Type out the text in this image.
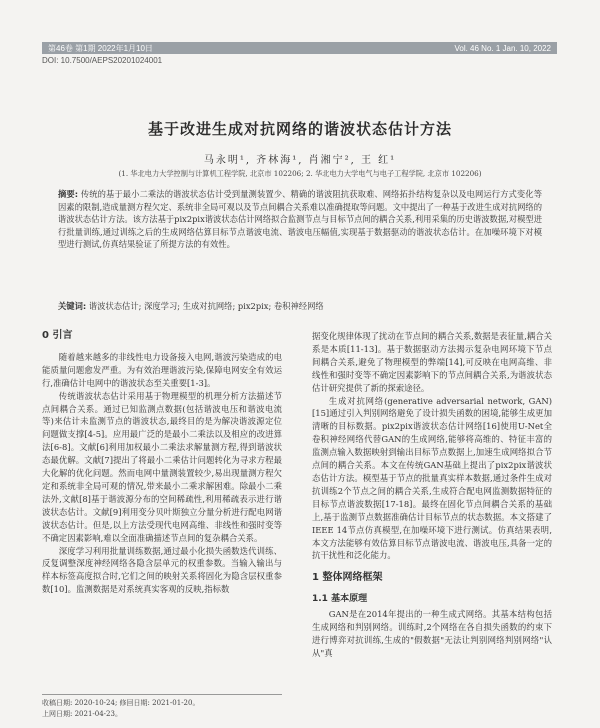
第46卷 第1期 2022年1月10日	Vol. 46 No. 1 Jan. 10, 2022
DOI: 10.7500/AEPS20201024001
基于改进生成对抗网络的谐波状态估计方法
马永明¹, 齐林海¹, 肖湘宁², 王 红¹
(1. 华北电力大学控制与计算机工程学院, 北京市 102206; 2. 华北电力大学电气与电子工程学院, 北京市 102206)
摘要: 传统的基于最小二乘法的谐波状态估计受到量测装置少、精确的谐波阻抗获取难、网络拓扑结构复杂以及电网运行方式变化等因素的限制,造成量测方程欠定、系统非全局可观以及节点间耦合关系难以准确提取等问题。文中提出了一种基于改进生成对抗网络的谐波状态估计方法。该方法基于pix2pix谐波状态估计网络拟合监测节点与目标节点间的耦合关系,利用采集的历史谐波数据,对模型进行批量训练,通过训练之后的生成网络估算目标节点谐波电流、谐波电压幅值,实现基于数据驱动的谐波状态估计。在加噪环境下对模型进行测试,仿真结果验证了所提方法的有效性。
关键词: 谐波状态估计; 深度学习; 生成对抗网络; pix2pix; 卷积神经网络
0 引言

随着越来越多的非线性电力设备接入电网,谐波污染造成的电能质量问题愈发严重。为有效治理谐波污染,保障电网安全有效运行,准确估计电网中的谐波状态至关重要[1-3]。

传统谐波状态估计采用基于物理模型的机理分析方法描述节点间耦合关系。通过已知监测点数据(包括谐波电压和谐波电流等)来估计未监测节点的谐波状态,最终目的是为解决谐波源定位问题做支撑[4-5]。应用最广泛的是最小二乘法以及相应的改进算法[6-8]。文献[6]利用加权最小二乘法求解量测方程,得到谐波状态最优解。文献[7]提出了将最小二乘估计问题转化为寻求方程最大化解的优化问题。然而电网中量测装置较少,易出现量测方程欠定和系统非全局可观的情况,带来最小二乘求解困难。除最小二乘法外,文献[8]基于谐波源分布的空间稀疏性,利用稀疏表示进行谐波状态估计。文献[9]利用变分贝叶斯独立分量分析进行配电网谐波状态估计。但是,以上方法受现代电网高维、非线性和强时变等不确定因素影响,难以全面准确描述节点间的复杂耦合关系。

深度学习利用批量训练数据,通过最小化损失函数迭代训练、反复调整深度神经网络各隐含层单元的权重参数。当输入输出与样本标签高度拟合时,它们之间的映射关系将固化为隐含层权重参数[10]。监测数据是对系统真实客观的反映,指标数

据变化规律体现了扰动在节点间的耦合关系,数据是表征量,耦合关系是本质[11-13]。基于数据驱动方法揭示复杂电网环境下节点间耦合关系,避免了物理模型的弊端[14],可反映在电网高维、非线性和强时变等不确定因素影响下的节点间耦合关系,为谐波状态估计研究提供了新的探索途径。

生成对抗网络(generative adversarial network, GAN)[15]通过引入判别网络避免了设计损失函数的困境,能够生成更加清晰的目标数据。pix2pix谐波状态估计网络[16]使用U-Net全卷积神经网络代替GAN的生成网络,能够将高维的、特征丰富的监测点输入数据映射到输出目标节点数据上,加速生成网络拟合节点间的耦合关系。本文在传统GAN基础上提出了pix2pix谐波状态估计方法。模型基于节点的批量真实样本数据,通过条件生成对抗训练2个节点之间的耦合关系,生成符合配电网监测数据特征的目标节点谐波数据[17-18]。最终在固化节点间耦合关系的基础上,基于监测节点数据准确估计目标节点的状态数据。本文搭建了IEEE 14节点仿真模型,在加噪环境下进行测试。仿真结果表明,本文方法能够有效估算目标节点谐波电流、谐波电压,具备一定的抗干扰性和泛化能力。

1 整体网络框架
1.1 基本原理

GAN是在2014年提出的一种生成式网络。其基本结构包括生成网络和判别网络。训练时,2个网络在各自损失函数的约束下进行博弈对抗训练,生成的"假数据"无法让判别网络判别网络"认从"真

收稿日期: 2020-10-24; 修回日期: 2021-01-20。
上网日期: 2021-04-23。
